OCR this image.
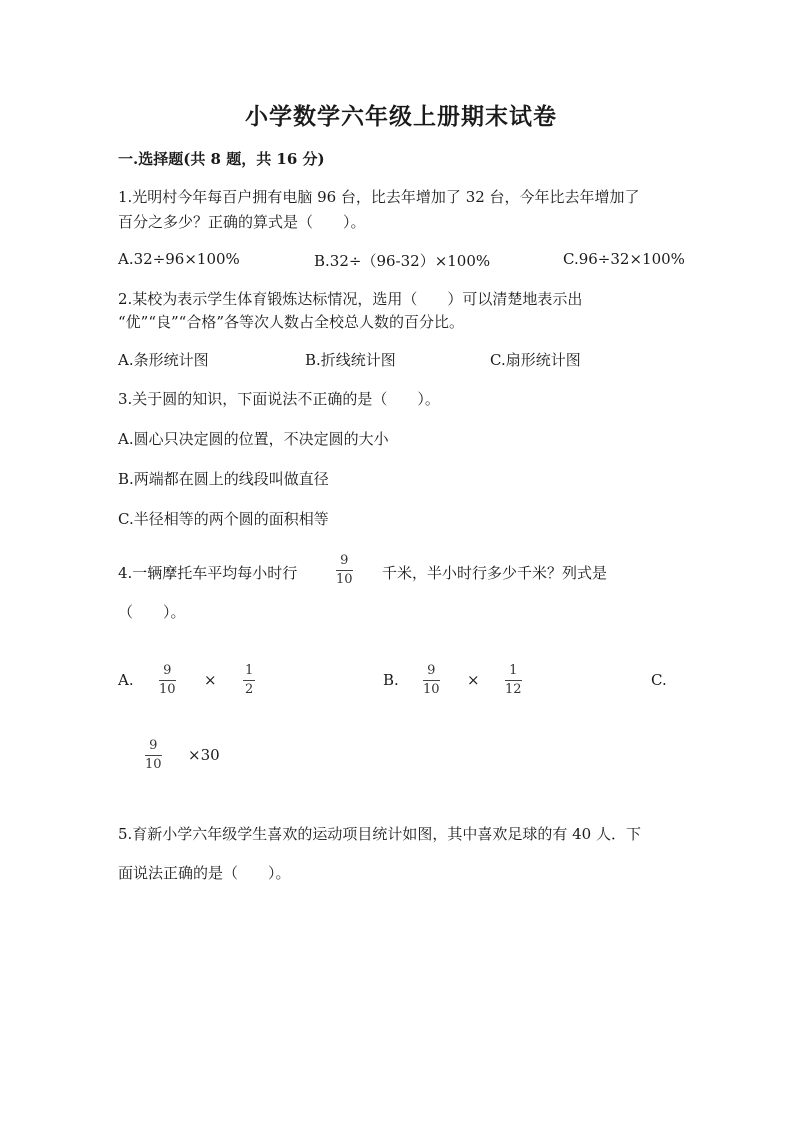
小学数学六年级上册期末试卷
一.选择题(共 8 题，共 16 分)
1.光明村今年每百户拥有电脑 96 台，比去年增加了 32 台，今年比去年增加了
百分之多少？正确的算式是（　　）。
A.32÷96×100%	B.32÷（96-32）×100%	C.96÷32×100%
2.某校为表示学生体育锻炼达标情况，选用（　　）可以清楚地表示出
“优”“良”“合格”各等次人数占全校总人数的百分比。
A.条形统计图	B.折线统计图	C.扇形统计图
3.关于圆的知识，下面说法不正确的是（　　）。
A.圆心只决定圆的位置，不决定圆的大小
B.两端都在圆上的线段叫做直径
C.半径相等的两个圆的面积相等
4.一辆摩托车平均每小时行
9
10 千米，半小时行多少千米？列式是
（　　）。
A.
9
10
×
1
2
B.
9
10
×
1
12
C.
9
10
×30
5.育新小学六年级学生喜欢的运动项目统计如图，其中喜欢足球的有 40 人．下
面说法正确的是（　　）。
